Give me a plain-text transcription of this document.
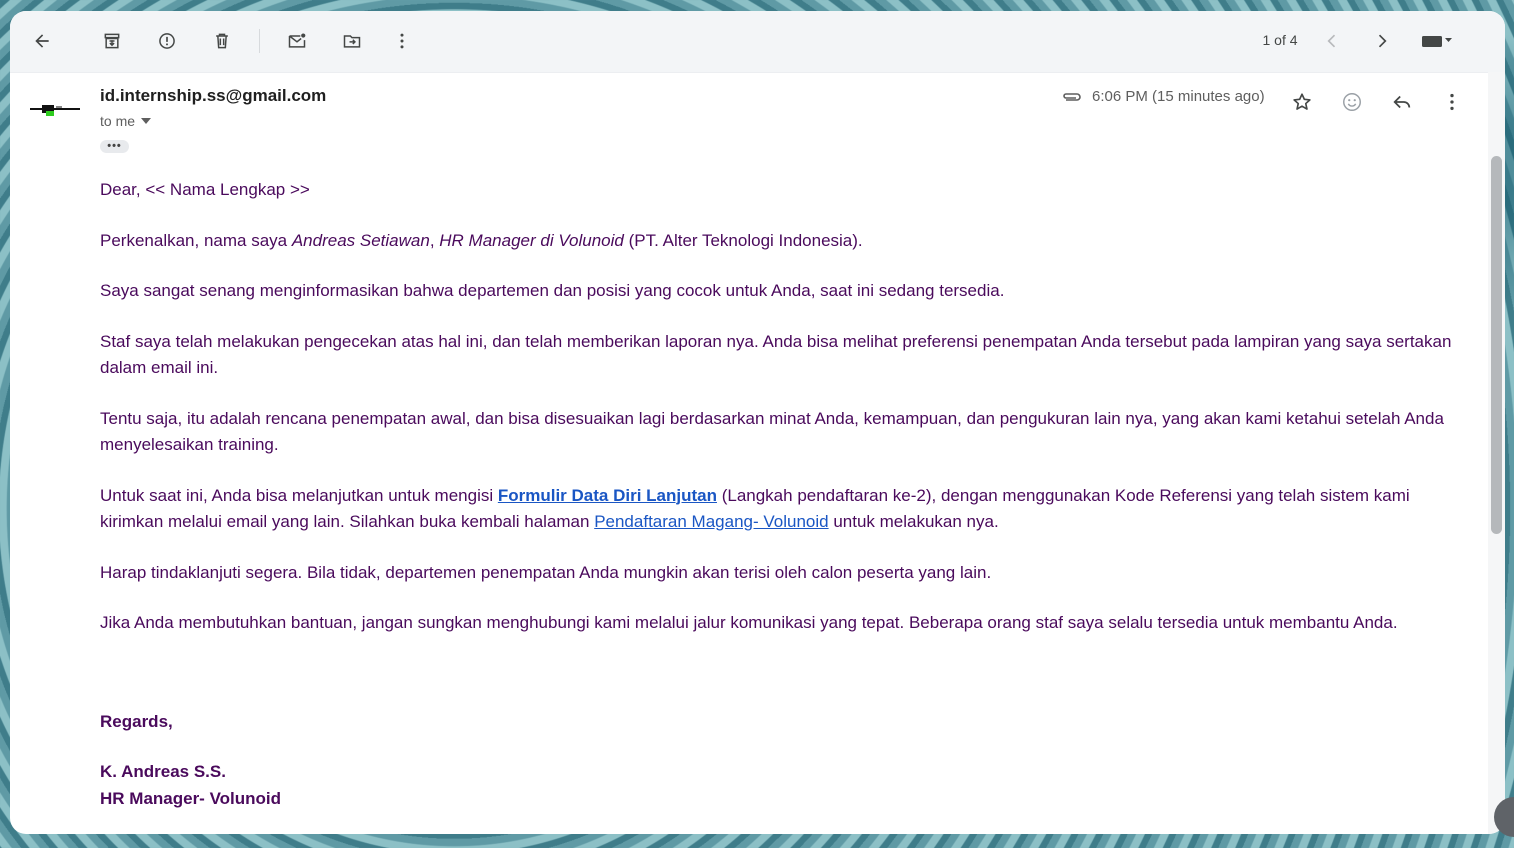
1 of 4
id.internship.ss@gmail.com
to me
•••
6:06 PM (15 minutes ago)

Dear, << Nama Lengkap >>

Perkenalkan, nama saya Andreas Setiawan, HR Manager di Volunoid (PT. Alter Teknologi Indonesia).

Saya sangat senang menginformasikan bahwa departemen dan posisi yang cocok untuk Anda, saat ini sedang tersedia.

Staf saya telah melakukan pengecekan atas hal ini, dan telah memberikan laporan nya. Anda bisa melihat preferensi penempatan Anda tersebut pada lampiran yang saya sertakan dalam email ini.

Tentu saja, itu adalah rencana penempatan awal, dan bisa disesuaikan lagi berdasarkan minat Anda, kemampuan, dan pengukuran lain nya, yang akan kami ketahui setelah Anda menyelesaikan training.

Untuk saat ini, Anda bisa melanjutkan untuk mengisi Formulir Data Diri Lanjutan (Langkah pendaftaran ke-2), dengan menggunakan Kode Referensi yang telah sistem kami kirimkan melalui email yang lain. Silahkan buka kembali halaman Pendaftaran Magang- Volunoid untuk melakukan nya.

Harap tindaklanjuti segera. Bila tidak, departemen penempatan Anda mungkin akan terisi oleh calon peserta yang lain.

Jika Anda membutuhkan bantuan, jangan sungkan menghubungi kami melalui jalur komunikasi yang tepat. Beberapa orang staf saya selalu tersedia untuk membantu Anda.

Regards,

K. Andreas S.S.
HR Manager- Volunoid
